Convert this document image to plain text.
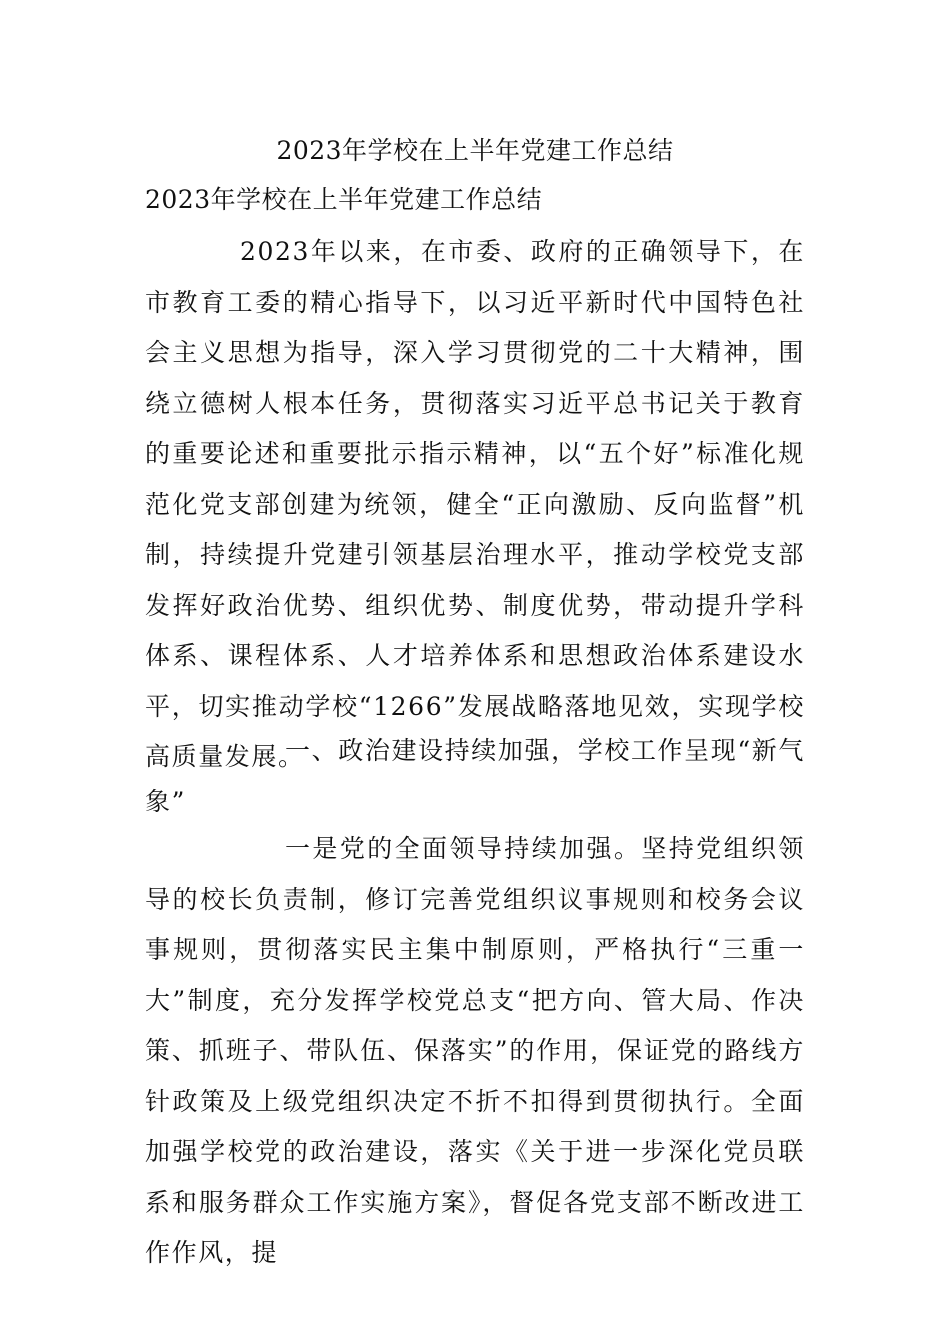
2023年学校在上半年党建工作总结
2023年学校在上半年党建工作总结

2023年以来，在市委、政府的正确领导下，在市教育工委的精心指导下，以习近平新时代中国特色社会主义思想为指导，深入学习贯彻党的二十大精神，围绕立德树人根本任务，贯彻落实习近平总书记关于教育的重要论述和重要批示指示精神，以“五个好”标准化规范化党支部创建为统领，健全“正向激励、反向监督”机制，持续提升党建引领基层治理水平，推动学校党支部发挥好政治优势、组织优势、制度优势，带动提升学科体系、课程体系、人才培养体系和思想政治体系建设水平，切实推动学校“1266”发展战略落地见效，实现学校高质量发展。

一、政治建设持续加强，学校工作呈现“新气象”

一是党的全面领导持续加强。坚持党组织领导的校长负责制，修订完善党组织议事规则和校务会议事规则，贯彻落实民主集中制原则，严格执行“三重一大”制度，充分发挥学校党总支“把方向、管大局、作决策、抓班子、带队伍、保落实”的作用，保证党的路线方针政策及上级党组织决定不折不扣得到贯彻执行。全面加强学校党的政治建设，落实《关于进一步深化党员联系和服务群众工作实施方案》，督促各党支部不断改进工作作风，提
